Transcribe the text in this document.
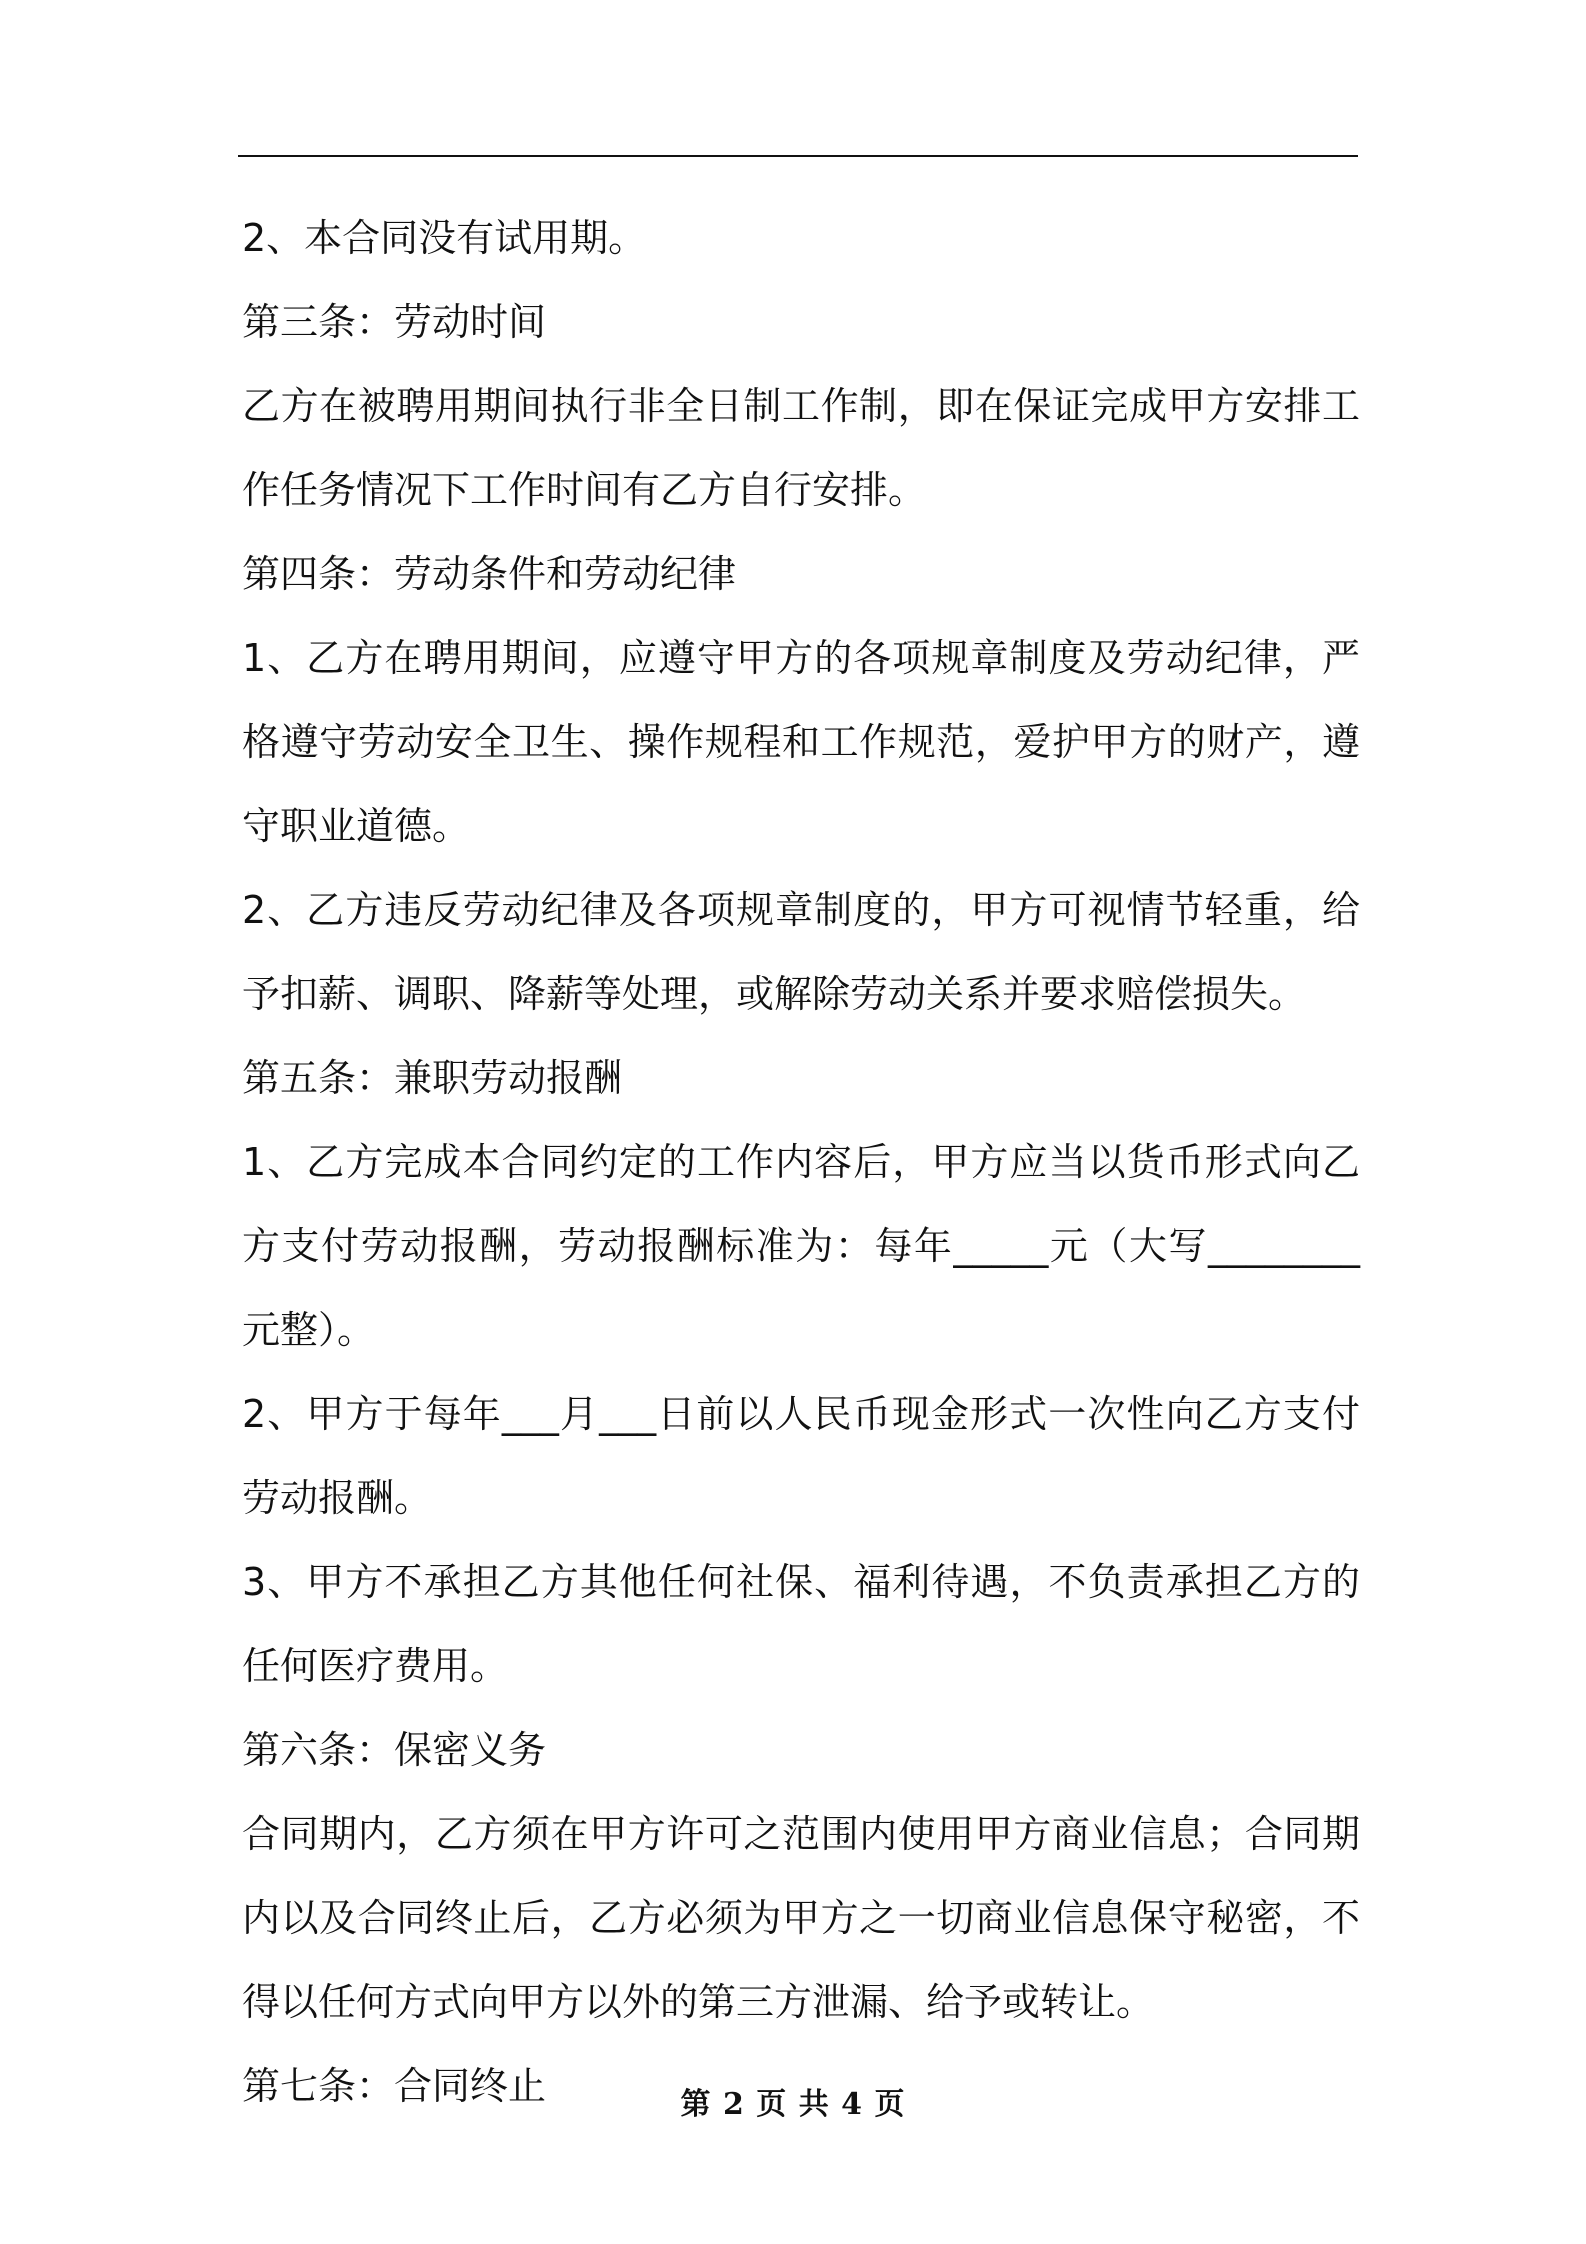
2、本合同没有试用期。

第三条：劳动时间

乙方在被聘用期间执行非全日制工作制，即在保证完成甲方安排工作任务情况下工作时间有乙方自行安排。

第四条：劳动条件和劳动纪律

1、乙方在聘用期间，应遵守甲方的各项规章制度及劳动纪律，严格遵守劳动安全卫生、操作规程和工作规范，爱护甲方的财产，遵守职业道德。

2、乙方违反劳动纪律及各项规章制度的，甲方可视情节轻重，给予扣薪、调职、降薪等处理，或解除劳动关系并要求赔偿损失。

第五条：兼职劳动报酬

1、乙方完成本合同约定的工作内容后，甲方应当以货币形式向乙方支付劳动报酬，劳动报酬标准为：每年_____元（大写________元整）。

2、甲方于每年___月___日前以人民币现金形式一次性向乙方支付劳动报酬。

3、甲方不承担乙方其他任何社保、福利待遇，不负责承担乙方的任何医疗费用。

第六条：保密义务

合同期内，乙方须在甲方许可之范围内使用甲方商业信息；合同期内以及合同终止后，乙方必须为甲方之一切商业信息保守秘密，不得以任何方式向甲方以外的第三方泄漏、给予或转让。

第七条：合同终止	第 2 页 共 4 页
